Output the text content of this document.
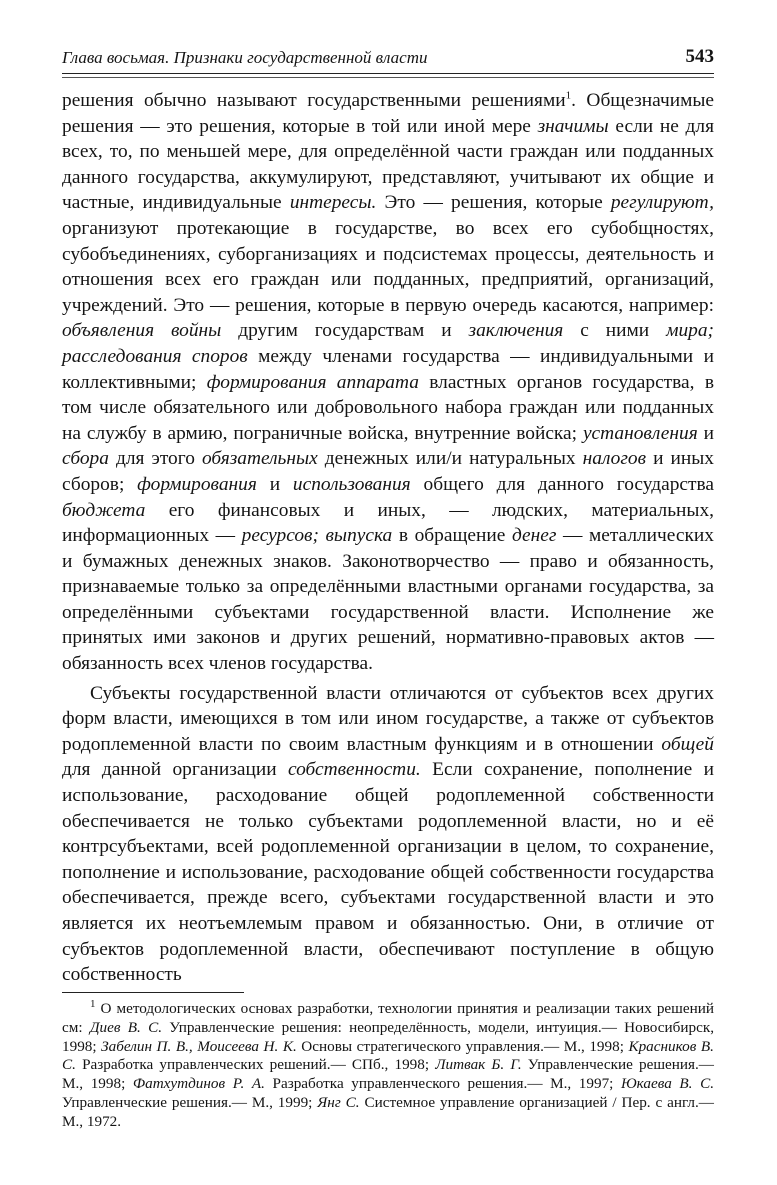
Глава восьмая. Признаки государственной власти	543

решения обычно называют государственными решениями$^1$. Общезначимые решения — это решения, которые в той или иной мере значимы если не для всех, то, по меньшей мере, для определённой части граждан или подданных данного государства, аккумулируют, представляют, учитывают их общие и частные, индивидуальные интересы. Это — решения, которые регулируют, организуют протекающие в государстве, во всех его субобщностях, субобъединениях, суборганизациях и подсистемах процессы, деятельность и отношения всех его граждан или подданных, предприятий, организаций, учреждений. Это — решения, которые в первую очередь касаются, например: объявления войны другим государствам и заключения с ними мира; расследования споров между членами государства — индивидуальными и коллективными; формирования аппарата властных органов государства, в том числе обязательного или добровольного набора граждан или подданных на службу в армию, пограничные войска, внутренние войска; установления и сбора для этого обязательных денежных или/и натуральных налогов и иных сборов; формирования и использования общего для данного государства бюджета его финансовых и иных, — людских, материальных, информационных — ресурсов; выпуска в обращение денег — металлических и бумажных денежных знаков. Законотворчество — право и обязанность, признаваемые только за определёнными властными органами государства, за определёнными субъектами государственной власти. Исполнение же принятых ими законов и других решений, нормативно-правовых актов — обязанность всех членов государства.

Субъекты государственной власти отличаются от субъектов всех других форм власти, имеющихся в том или ином государстве, а также от субъектов родоплеменной власти по своим властным функциям и в отношении общей для данной организации собственности. Если сохранение, пополнение и использование, расходование общей родоплеменной собственности обеспечивается не только субъектами родоплеменной власти, но и её контрсубъектами, всей родоплеменной организации в целом, то сохранение, пополнение и использование, расходование общей собственности государства обеспечивается, прежде всего, субъектами государственной власти и это является их неотъемлемым правом и обязанностью. Они, в отличие от субъектов родоплеменной власти, обеспечивают поступление в общую собственность

$^1$ О методологических основах разработки, технологии принятия и реализации таких решений см: Диев В. С. Управленческие решения: неопределённость, модели, интуиция.— Новосибирск, 1998; Забелин П. В., Моисеева Н. К. Основы стратегического управления.— М., 1998; Красников В. С. Разработка управленческих решений.— СПб., 1998; Литвак Б. Г. Управленческие решения.— М., 1998; Фатхутдинов Р. А. Разработка управленческого решения.— М., 1997; Юкаева В. С. Управленческие решения.— М., 1999; Янг С. Системное управление организацией / Пер. с англ.— М., 1972.
